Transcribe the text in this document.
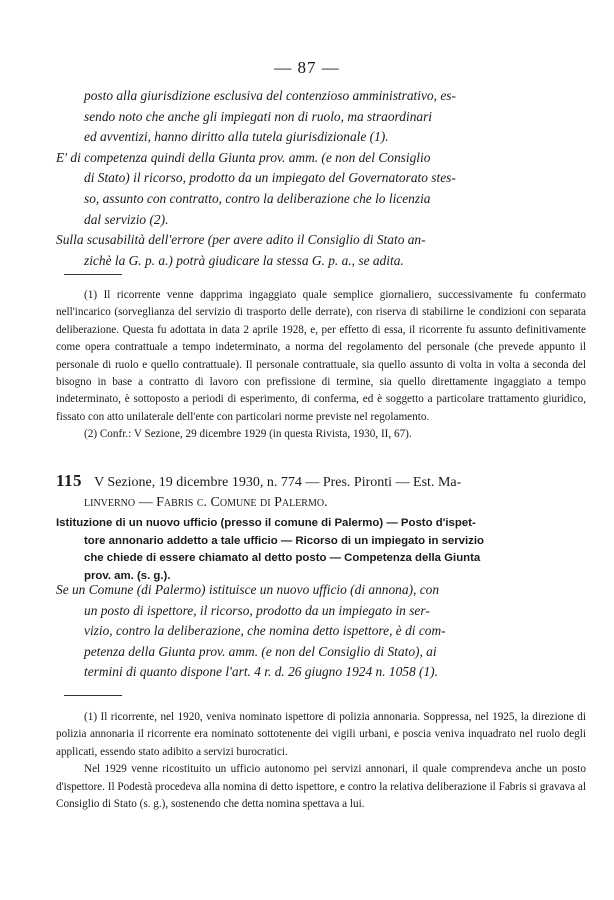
— 87 —

posto alla giurisdizione esclusiva del contenzioso amministrativo, es-

sendo noto che anche gli impiegati non di ruolo, ma straordinari

ed avventizi, hanno diritto alla tutela giurisdizionale (1).

E' di competenza quindi della Giunta prov. amm. (e non del Consiglio

di Stato) il ricorso, prodotto da un impiegato del Governatorato stes-

so, assunto con contratto, contro la deliberazione che lo licenzia

dal servizio (2).

Sulla scusabilità dell'errore (per avere adito il Consiglio di Stato an-

zichè la G. p. a.) potrà giudicare la stessa G. p. a., se adita.

(1) Il ricorrente venne dapprima ingaggiato quale semplice giornaliero, successivamente fu confermato nell'incarico (sorveglianza del servizio di trasporto delle derrate), con riserva di stabilirne le condizioni con separata deliberazione. Questa fu adottata in data 2 aprile 1928, e, per effetto di essa, il ricorrente fu assunto definitivamente come opera contrattuale a tempo indeterminato, a norma del regolamento del personale (che prevede appunto il personale di ruolo e quello contrattuale). Il personale contrattuale, sia quello assunto di volta in volta a seconda del bisogno in base a contratto di lavoro con prefissione di termine, sia quello direttamente ingaggiato a tempo indeterminato, è sottoposto a periodi di esperimento, di conferma, ed è soggetto a particolare trattamento giuridico, fissato con atto unilaterale dell'ente con particolari norme previste nel regolamento.

(2) Confr.: V Sezione, 29 dicembre 1929 (in questa Rivista, 1930, II, 67).

115 V Sezione, 19 dicembre 1930, n. 774 — Pres. Pironti — Est. Ma-
linverno — Fabris c. Comune di Palermo.
Istituzione di un nuovo ufficio (presso il comune di Palermo) — Posto d'ispet-
tore annonario addetto a tale ufficio — Ricorso di un impiegato in servizio
che chiede di essere chiamato al detto posto — Competenza della Giunta
prov. am. (s. g.).

Se un Comune (di Palermo) istituisce un nuovo ufficio (di annona), con

un posto di ispettore, il ricorso, prodotto da un impiegato in ser-

vizio, contro la deliberazione, che nomina detto ispettore, è di com-

petenza della Giunta prov. amm. (e non del Consiglio di Stato), ai

termini di quanto dispone l'art. 4 r. d. 26 giugno 1924 n. 1058 (1).

(1) Il ricorrente, nel 1920, veniva nominato ispettore di polizia annonaria. Soppressa, nel 1925, la direzione di polizia annonaria il ricorrente era nominato sottotenente dei vigili urbani, e poscia veniva inquadrato nel ruolo degli applicati, essendo stato adibito a servizi burocratici.

Nel 1929 venne ricostituito un ufficio autonomo pei servizi annonari, il quale comprendeva anche un posto d'ispettore. Il Podestà procedeva alla nomina di detto ispettore, e contro la relativa deliberazione il Fabris si gravava al Consiglio di Stato (s. g.), sostenendo che detta nomina spettava a lui.
